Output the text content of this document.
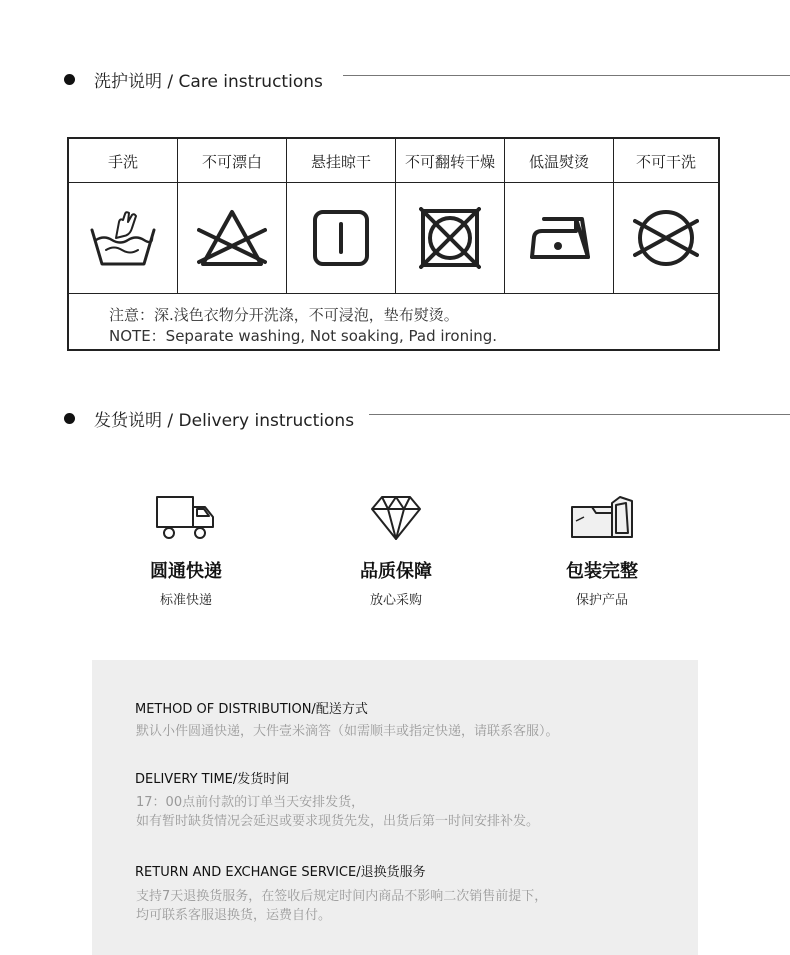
洗护说明 / Care instructions
手洗	不可漂白	悬挂晾干	不可翻转干燥	低温熨烫	不可干洗
注意：深.浅色衣物分开洗涤，不可浸泡，垫布熨烫。
NOTE：Separate washing, Not soaking, Pad ironing.
发货说明 / Delivery instructions
圆通快递
标准快递
品质保障
放心采购
包装完整
保护产品
METHOD OF DISTRIBUTION/配送方式
默认小件圆通快递，大件壹米滴答（如需顺丰或指定快递，请联系客服）。
DELIVERY TIME/发货时间
17：00点前付款的订单当天安排发货，
如有暂时缺货情况会延迟或要求现货先发，出货后第一时间安排补发。
RETURN AND EXCHANGE SERVICE/退换货服务
支持7天退换货服务，在签收后规定时间内商品不影响二次销售前提下，
均可联系客服退换货，运费自付。
